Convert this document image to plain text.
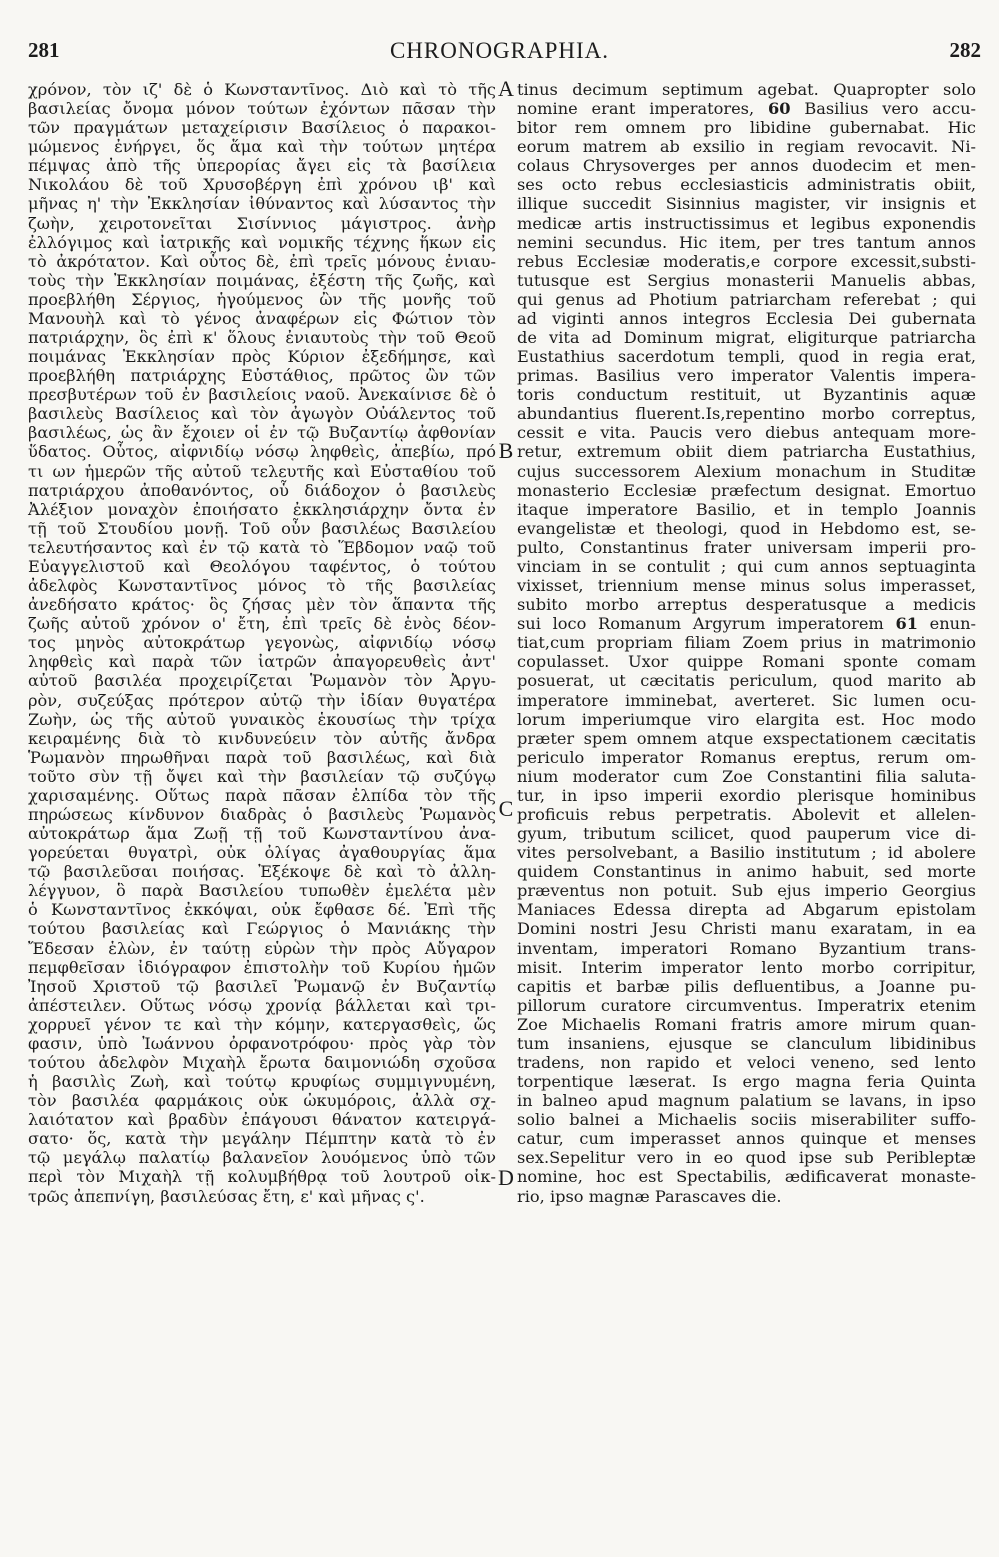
281	CHRONOGRAPHIA.	282
χρόνον, τὸν ιζ' δὲ ὁ Κωνσταντῖνος. Διὸ καὶ τὸ τῆς
βασιλείας ὄνομα μόνον τούτων ἐχόντων πᾶσαν τὴν
τῶν πραγμάτων μεταχείρισιν Βασίλειος ὁ παρακοι-
μώμενος ἐνήργει, ὅς ἅμα καὶ τὴν τούτων μητέρα
πέμψας ἀπὸ τῆς ὑπερορίας ἄγει εἰς τὰ βασίλεια
Νικολάου δὲ τοῦ Χρυσοβέργη ἐπὶ χρόνου ιβ' καὶ
μῆνας η' τὴν Ἐκκλησίαν ἰθύναντος καὶ λύσαντος τὴν
ζωὴν, χειροτονεῖται Σισίννιος μάγιστρος. ἀνὴρ
ἐλλόγιμος καὶ ἰατρικῆς καὶ νομικῆς τέχνης ἥκων εἰς
τὸ ἀκρότατον. Καὶ οὗτος δὲ, ἐπὶ τρεῖς μόνους ἐνιαυ-
τοὺς τὴν Ἐκκλησίαν ποιμάνας, ἐξέστη τῆς ζωῆς, καὶ
προεβλήθη Σέργιος, ἡγούμενος ὢν τῆς μονῆς τοῦ
Μανουὴλ καὶ τὸ γένος ἀναφέρων εἰς Φώτιον τὸν
πατριάρχην, ὃς ἐπὶ κ' ὅλους ἐνιαυτοὺς τὴν τοῦ Θεοῦ
ποιμάνας Ἐκκλησίαν πρὸς Κύριον ἐξεδήμησε, καὶ
προεβλήθη πατριάρχης Εὐστάθιος, πρῶτος ὢν τῶν
πρεσβυτέρων τοῦ ἐν βασιλείοις ναοῦ. Ἀνεκαίνισε δὲ ὁ
βασιλεὺς Βασίλειος καὶ τὸν ἀγωγὸν Οὐάλεντος τοῦ
βασιλέως, ὡς ἂν ἔχοιεν οἱ ἐν τῷ Βυζαντίῳ ἀφθονίαν
ὕδατος. Οὗτος, αἰφνιδίῳ νόσῳ ληφθεὶς, ἀπεβίω, πρό
τι ων ἡμερῶν τῆς αὐτοῦ τελευτῆς καὶ Εὐσταθίου τοῦ
πατριάρχου ἀποθανόντος, οὗ διάδοχον ὁ βασιλεὺς
Ἀλέξιον μοναχὸν ἐποιήσατο ἐκκλησιάρχην ὄντα ἐν
τῇ τοῦ Στουδίου μονῇ. Τοῦ οὖν βασιλέως Βασιλείου
τελευτήσαντος καὶ ἐν τῷ κατὰ τὸ Ἕβδομον ναῷ τοῦ
Εὐαγγελιστοῦ καὶ Θεολόγου ταφέντος, ὁ τούτου
ἀδελφὸς Κωνσταντῖνος μόνος τὸ τῆς βασιλείας
ἀνεδήσατο κράτος· ὃς ζήσας μὲν τὸν ἅπαντα τῆς
ζωῆς αὐτοῦ χρόνον ο' ἔτη, ἐπὶ τρεῖς δὲ ἑνὸς δέον-
τος μηνὸς αὐτοκράτωρ γεγονὼς, αἰφνιδίῳ νόσῳ
ληφθεὶς καὶ παρὰ τῶν ἰατρῶν ἀπαγορευθεὶς ἀντ'
αὐτοῦ βασιλέα προχειρίζεται Ῥωμανὸν τὸν Ἀργυ-
ρὸν, συζεύξας πρότερον αὐτῷ τὴν ἰδίαν θυγατέρα
Ζωὴν, ὡς τῆς αὐτοῦ γυναικὸς ἑκουσίως τὴν τρίχα
κειραμένης διὰ τὸ κινδυνεύειν τὸν αὐτῆς ἄνδρα
Ῥωμανὸν πηρωθῆναι παρὰ τοῦ βασιλέως, καὶ διὰ
τοῦτο σὺν τῇ ὄψει καὶ τὴν βασιλείαν τῷ συζύγῳ
χαρισαμένης. Οὕτως παρὰ πᾶσαν ἐλπίδα τὸν τῆς
πηρώσεως κίνδυνον διαδρὰς ὁ βασιλεὺς Ῥωμανὸς
αὐτοκράτωρ ἅμα Ζωῇ τῇ τοῦ Κωνσταντίνου ἀνα-
γορεύεται θυγατρὶ, οὐκ ὀλίγας ἀγαθουργίας ἅμα
τῷ βασιλεῦσαι ποιήσας. Ἐξέκοψε δὲ καὶ τὸ ἀλλη-
λέγγυον, ὃ παρὰ Βασιλείου τυπωθὲν ἐμελέτα μὲν
ὁ Κωνσταντῖνος ἐκκόψαι, οὐκ ἔφθασε δέ. Ἐπὶ τῆς
τούτου βασιλείας καὶ Γεώργιος ὁ Μανιάκης τὴν
Ἔδεσαν ἑλὼν, ἐν ταύτῃ εὑρὼν τὴν πρὸς Αὔγαρον
πεμφθεῖσαν ἰδιόγραφον ἐπιστολὴν τοῦ Κυρίου ἡμῶν
Ἰησοῦ Χριστοῦ τῷ βασιλεῖ Ῥωμανῷ ἐν Βυζαντίῳ
ἀπέστειλεν. Οὕτως νόσῳ χρονίᾳ βάλλεται καὶ τρι-
χορρυεῖ γένον τε καὶ τὴν κόμην, κατεργασθεὶς, ὥς
φασιν, ὑπὸ Ἰωάννου ὀρφανοτρόφου· πρὸς γὰρ τὸν
τούτου ἀδελφὸν Μιχαὴλ ἔρωτα δαιμονιώδη σχοῦσα
ἡ βασιλὶς Ζωὴ, καὶ τούτῳ κρυφίως συμμιγνυμένη,
τὸν βασιλέα φαρμάκοις οὐκ ὠκυμόροις, ἀλλὰ σχ-
λαιότατον καὶ βραδὺν ἐπάγουσι θάνατον κατειργά-
σατο· ὅς, κατὰ τὴν μεγάλην Πέμπτην κατὰ τὸ ἐν
τῷ μεγάλῳ παλατίῳ βαλανεῖον λουόμενος ὑπὸ τῶν
περὶ τὸν Μιχαὴλ τῇ κολυμβήθρᾳ τοῦ λουτροῦ οἰκ-
τρῶς ἀπεπνίγη, βασιλεύσας ἔτη, ε' καὶ μῆνας ς'.
tinus decimum septimum agebat. Quapropter solo
nomine erant imperatores, 60 Basilius vero accu-
bitor rem omnem pro libidine gubernabat. Hic
eorum matrem ab exsilio in regiam revocavit. Ni-
colaus Chrysoverges per annos duodecim et men-
ses octo rebus ecclesiasticis administratis obiit,
illique succedit Sisinnius magister, vir insignis et
medicæ artis instructissimus et legibus exponendis
nemini secundus. Hic item, per tres tantum annos
rebus Ecclesiæ moderatis,e corpore excessit,substi-
tutusque est Sergius monasterii Manuelis abbas,
qui genus ad Photium patriarcham referebat ; qui
ad viginti annos integros Ecclesia Dei gubernata
de vita ad Dominum migrat, eligiturque patriarcha
Eustathius sacerdotum templi, quod in regia erat,
primas. Basilius vero imperator Valentis impera-
toris conductum restituit, ut Byzantinis aquæ
abundantius fluerent.Is,repentino morbo correptus,
cessit e vita. Paucis vero diebus antequam more-
retur, extremum obiit diem patriarcha Eustathius,
cujus successorem Alexium monachum in Studitæ
monasterio Ecclesiæ præfectum designat. Emortuo
itaque imperatore Basilio, et in templo Joannis
evangelistæ et theologi, quod in Hebdomo est, se-
pulto, Constantinus frater universam imperii pro-
vinciam in se contulit ; qui cum annos septuaginta
vixisset, triennium mense minus solus imperasset,
subito morbo arreptus desperatusque a medicis
sui loco Romanum Argyrum imperatorem 61 enun-
tiat,cum propriam filiam Zoem prius in matrimonio
copulasset. Uxor quippe Romani sponte comam
posuerat, ut cæcitatis periculum, quod marito ab
imperatore imminebat, averteret. Sic lumen ocu-
lorum imperiumque viro elargita est. Hoc modo
præter spem omnem atque exspectationem cæcitatis
periculo imperator Romanus ereptus, rerum om-
nium moderator cum Zoe Constantini filia saluta-
tur, in ipso imperii exordio plerisque hominibus
proficuis rebus perpetratis. Abolevit et allelen-
gyum, tributum scilicet, quod pauperum vice di-
vites persolvebant, a Basilio institutum ; id abolere
quidem Constantinus in animo habuit, sed morte
præventus non potuit. Sub ejus imperio Georgius
Maniaces Edessa direpta ad Abgarum epistolam
Domini nostri Jesu Christi manu exaratam, in ea
inventam, imperatori Romano Byzantium trans-
misit. Interim imperator lento morbo corripitur,
capitis et barbæ pilis defluentibus, a Joanne pu-
pillorum curatore circumventus. Imperatrix etenim
Zoe Michaelis Romani fratris amore mirum quan-
tum insaniens, ejusque se clanculum libidinibus
tradens, non rapido et veloci veneno, sed lento
torpentique læserat. Is ergo magna feria Quinta
in balneo apud magnum palatium se lavans, in ipso
solio balnei a Michaelis sociis miserabiliter suffo-
catur, cum imperasset annos quinque et menses
sex.Sepelitur vero in eo quod ipse sub Peribleptæ
nomine, hoc est Spectabilis, ædificaverat monaste-
rio, ipso magnæ Parascaves die.
A
B
C
D
